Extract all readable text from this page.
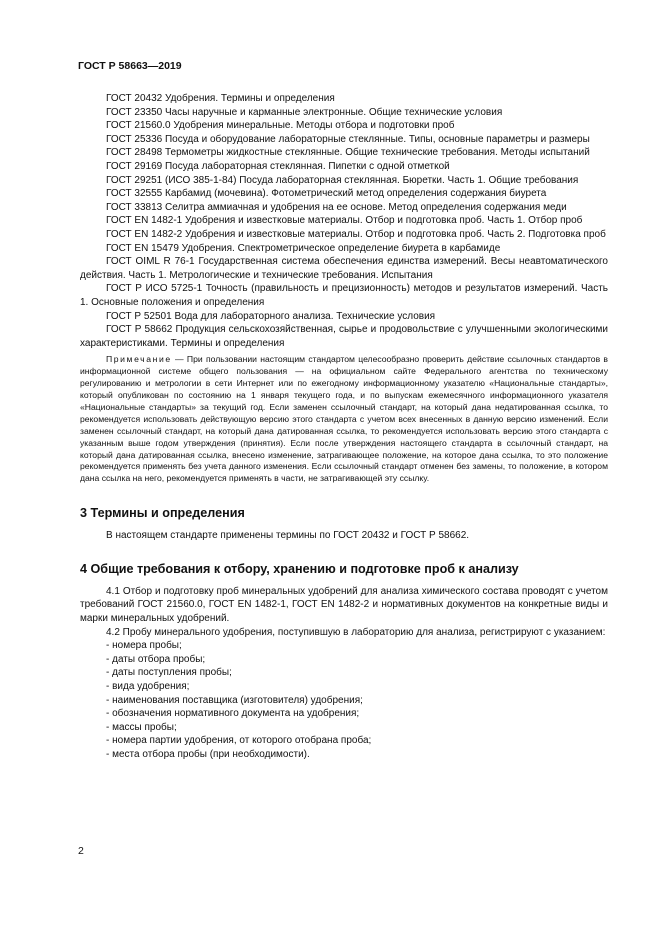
ГОСТ Р 58663—2019

ГОСТ 20432 Удобрения. Термины и определения

ГОСТ 23350 Часы наручные и карманные электронные. Общие технические условия

ГОСТ 21560.0 Удобрения минеральные. Методы отбора и подготовки проб

ГОСТ 25336 Посуда и оборудование лабораторные стеклянные. Типы, основные параметры и размеры

ГОСТ 28498 Термометры жидкостные стеклянные. Общие технические требования. Методы испытаний

ГОСТ 29169 Посуда лабораторная стеклянная. Пипетки с одной отметкой

ГОСТ 29251 (ИСО 385-1-84) Посуда лабораторная стеклянная. Бюретки. Часть 1. Общие требования

ГОСТ 32555 Карбамид (мочевина). Фотометрический метод определения содержания биурета

ГОСТ 33813 Селитра аммиачная и удобрения на ее основе. Метод определения содержания меди

ГОСТ EN 1482-1 Удобрения и известковые материалы. Отбор и подготовка проб. Часть 1. Отбор проб

ГОСТ EN 1482-2 Удобрения и известковые материалы. Отбор и подготовка проб. Часть 2. Подготовка проб

ГОСТ EN 15479 Удобрения. Спектрометрическое определение биурета в карбамиде

ГОСТ OIML R 76-1 Государственная система обеспечения единства измерений. Весы неавтоматического действия. Часть 1. Метрологические и технические требования. Испытания

ГОСТ Р ИСО 5725-1 Точность (правильность и прецизионность) методов и результатов измерений. Часть 1. Основные положения и определения

ГОСТ Р 52501 Вода для лабораторного анализа. Технические условия

ГОСТ Р 58662 Продукция сельскохозяйственная, сырье и продовольствие с улучшенными экологическими характеристиками. Термины и определения

Примечание — При пользовании настоящим стандартом целесообразно проверить действие ссылочных стандартов в информационной системе общего пользования — на официальном сайте Федерального агентства по техническому регулированию и метрологии в сети Интернет или по ежегодному информационному указателю «Национальные стандарты», который опубликован по состоянию на 1 января текущего года, и по выпускам ежемесячного информационного указателя «Национальные стандарты» за текущий год. Если заменен ссылочный стандарт, на который дана недатированная ссылка, то рекомендуется использовать действующую версию этого стандарта с учетом всех внесенных в данную версию изменений. Если заменен ссылочный стандарт, на который дана датированная ссылка, то рекомендуется использовать версию этого стандарта с указанным выше годом утверждения (принятия). Если после утверждения настоящего стандарта в ссылочный стандарт, на который дана датированная ссылка, внесено изменение, затрагивающее положение, на которое дана ссылка, то это положение рекомендуется применять без учета данного изменения. Если ссылочный стандарт отменен без замены, то положение, в котором дана ссылка на него, рекомендуется применять в части, не затрагивающей эту ссылку.

3 Термины и определения

В настоящем стандарте применены термины по ГОСТ 20432 и ГОСТ Р 58662.

4 Общие требования к отбору, хранению и подготовке проб к анализу

4.1 Отбор и подготовку проб минеральных удобрений для анализа химического состава проводят с учетом требований ГОСТ 21560.0, ГОСТ EN 1482-1, ГОСТ EN 1482-2 и нормативных документов на конкретные виды и марки минеральных удобрений.

4.2 Пробу минерального удобрения, поступившую в лабораторию для анализа, регистрируют с указанием:

- номера пробы;
- даты отбора пробы;
- даты поступления пробы;
- вида удобрения;
- наименования поставщика (изготовителя) удобрения;
- обозначения нормативного документа на удобрения;
- массы пробы;
- номера партии удобрения, от которого отобрана проба;
- места отбора пробы (при необходимости).
2
